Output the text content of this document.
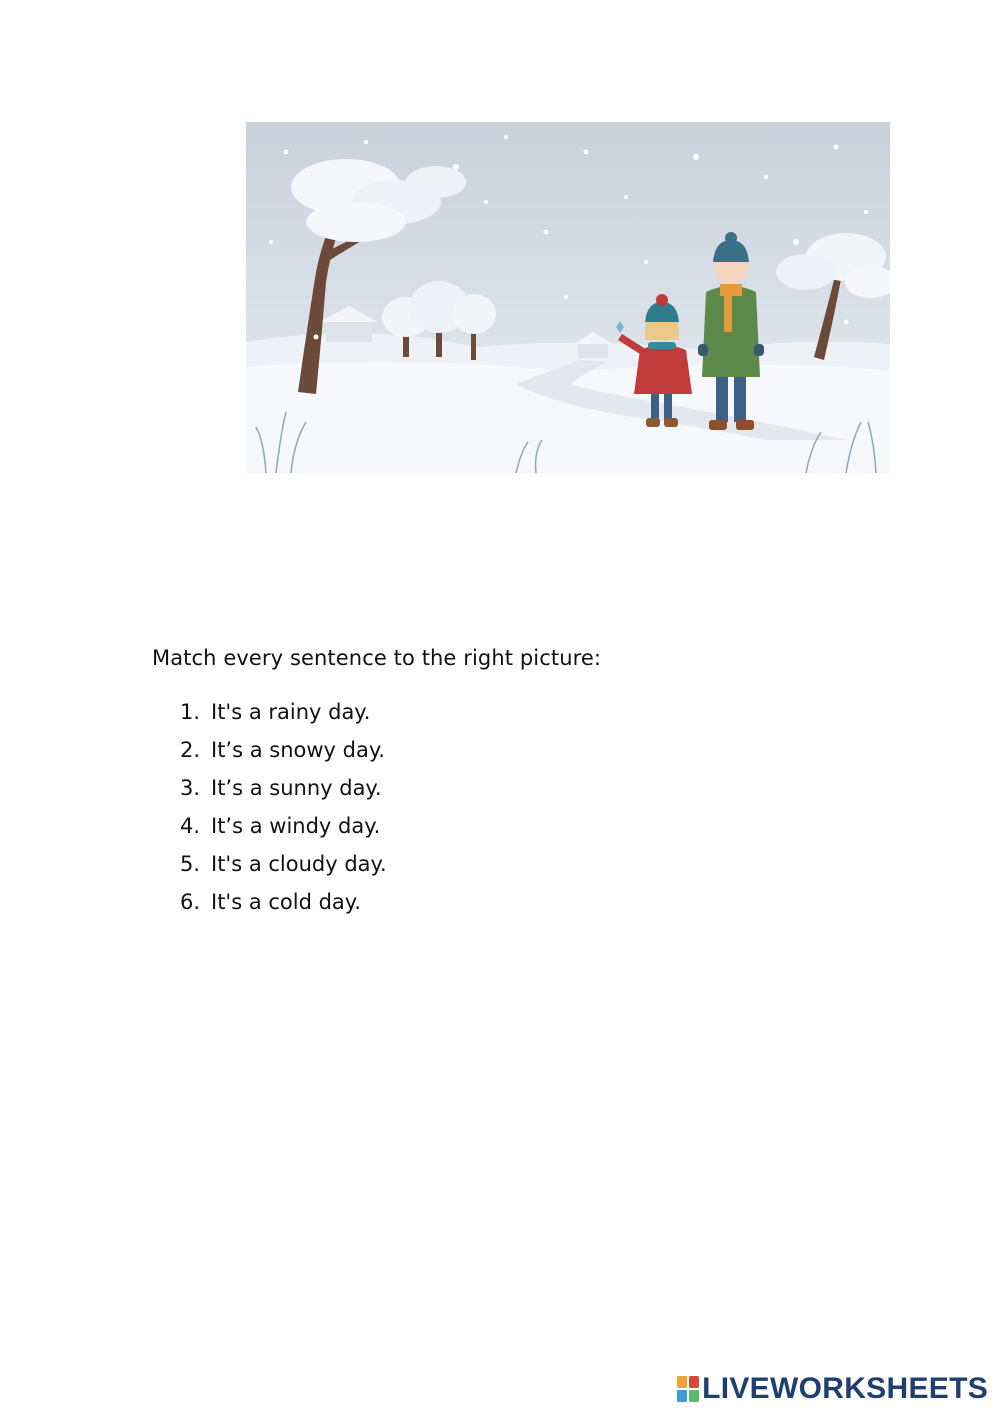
Match every sentence to the right picture:
1. It's a rainy day.
2. It’s a snowy day.
3. It’s a sunny day.
4. It’s a windy day.
5. It's a cloudy day.
6. It's a cold day.
LIVEWORKSHEETS
